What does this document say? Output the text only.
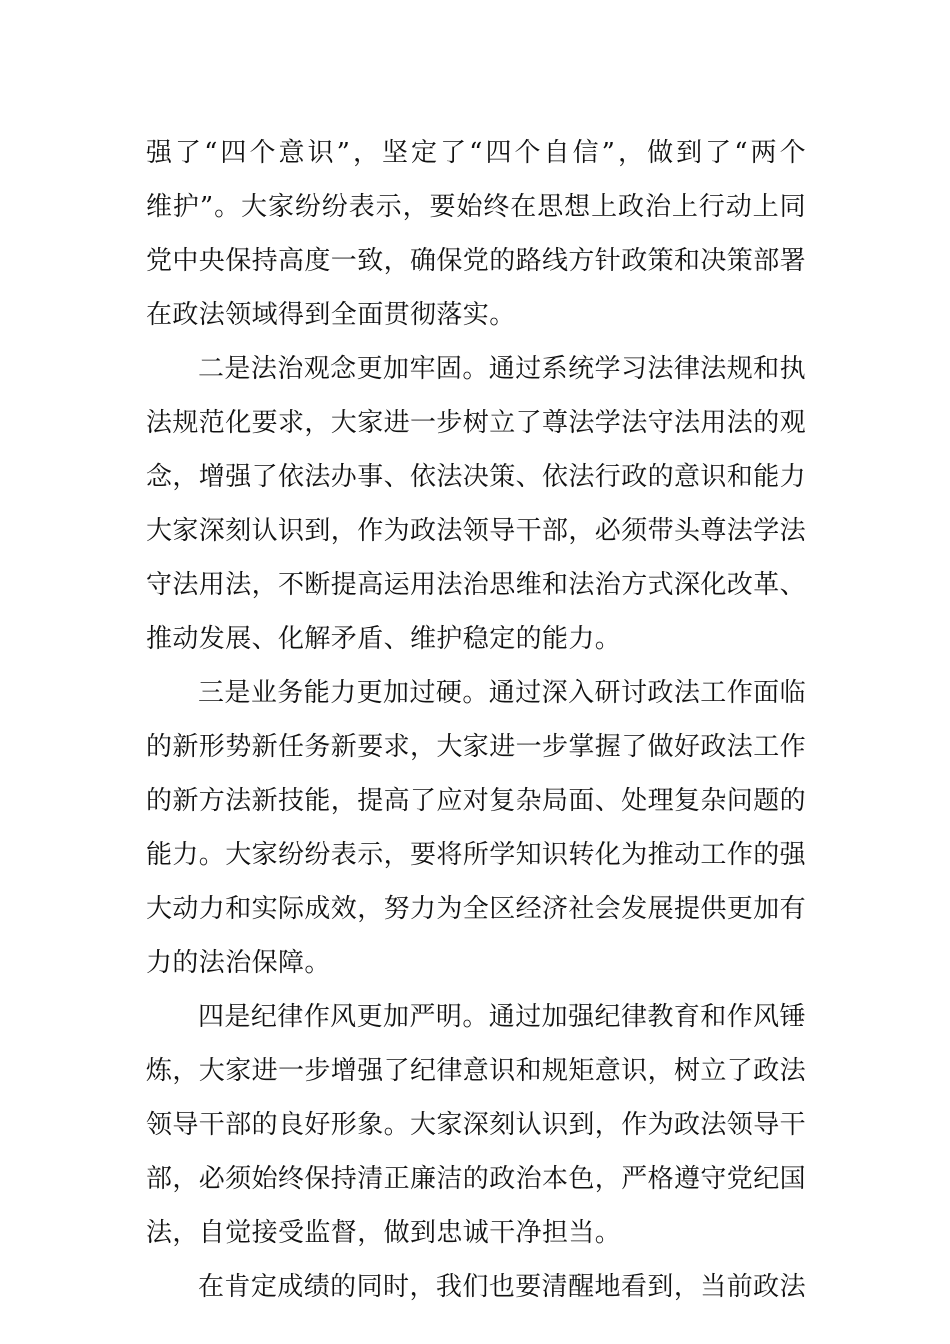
强了“四个意识”，坚定了“四个自信”，做到了“两个
维护”。大家纷纷表示，要始终在思想上政治上行动上同
党中央保持高度一致，确保党的路线方针政策和决策部署
在政法领域得到全面贯彻落实。
二是法治观念更加牢固。通过系统学习法律法规和执
法规范化要求，大家进一步树立了尊法学法守法用法的观
念，增强了依法办事、依法决策、依法行政的意识和能力
大家深刻认识到，作为政法领导干部，必须带头尊法学法
守法用法，不断提高运用法治思维和法治方式深化改革、
推动发展、化解矛盾、维护稳定的能力。
三是业务能力更加过硬。通过深入研讨政法工作面临
的新形势新任务新要求，大家进一步掌握了做好政法工作
的新方法新技能，提高了应对复杂局面、处理复杂问题的
能力。大家纷纷表示，要将所学知识转化为推动工作的强
大动力和实际成效，努力为全区经济社会发展提供更加有
力的法治保障。
四是纪律作风更加严明。通过加强纪律教育和作风锤
炼，大家进一步增强了纪律意识和规矩意识，树立了政法
领导干部的良好形象。大家深刻认识到，作为政法领导干
部，必须始终保持清正廉洁的政治本色，严格遵守党纪国
法，自觉接受监督，做到忠诚干净担当。
在肯定成绩的同时，我们也要清醒地看到，当前政法
